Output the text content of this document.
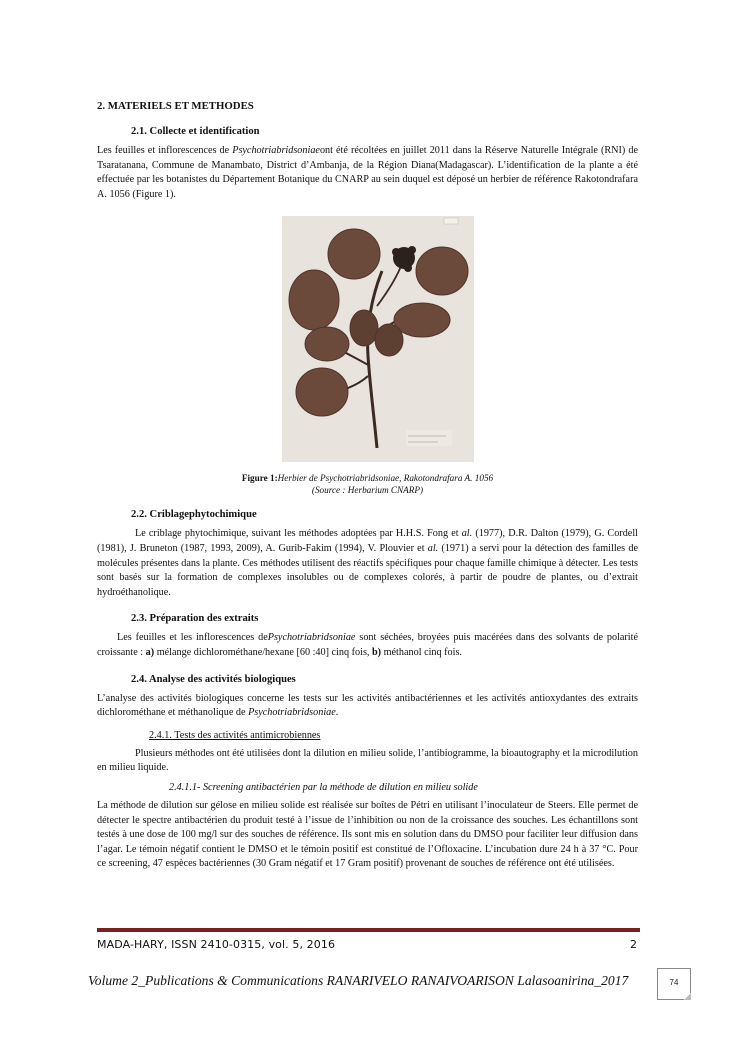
2. MATERIELS ET METHODES

2.1. Collecte et identification

Les feuilles et inflorescences de Psychotriabridsoniaeont été récoltées en juillet 2011 dans la Réserve Naturelle Intégrale (RNI) de Tsaratanana, Commune de Manambato, District d’Ambanja, de la Région Diana(Madagascar). L’identification de la plante a été effectuée par les botanistes du Département Botanique du CNARP au sein duquel est déposé un herbier de référence Rakotondrafara A. 1056 (Figure 1).

Figure 1:Herbier de Psychotriabridsoniae, Rakotondrafara A. 1056
(Source : Herbarium CNARP)

2.2. Criblagephytochimique

Le criblage phytochimique, suivant les méthodes adoptées par H.H.S. Fong et al. (1977), D.R. Dalton (1979), G. Cordell (1981), J. Bruneton (1987, 1993, 2009), A. Gurib-Fakim (1994), V. Plouvier et al. (1971) a servi pour la détection des familles de molécules présentes dans la plante. Ces méthodes utilisent des réactifs spécifiques pour chaque famille chimique à détecter. Les tests sont basés sur la formation de complexes insolubles ou de complexes colorés, à partir de poudre de plantes, ou d’extrait hydroéthanolique.

2.3. Préparation des extraits

Les feuilles et les inflorescences dePsychotriabridsoniae sont séchées, broyées puis macérées dans des solvants de polarité croissante : a) mélange dichlorométhane/hexane [60 :40] cinq fois, b) méthanol cinq fois.

2.4. Analyse des activités biologiques

L’analyse des activités biologiques concerne les tests sur les activités antibactériennes et les activités antioxydantes des extraits dichlorométhane et méthanolique de Psychotriabridsoniae.

2.4.1. Tests des activités antimicrobiennes

Plusieurs méthodes ont été utilisées dont la dilution en milieu solide, l’antibiogramme, la bioautography et la microdilution en milieu liquide.

2.4.1.1- Screening antibactérien par la méthode de dilution en milieu solide

La méthode de dilution sur gélose en milieu solide est réalisée sur boîtes de Pétri en utilisant l’inoculateur de Steers. Elle permet de détecter le spectre antibactérien du produit testé à l’issue de l’inhibition ou non de la croissance des souches. Les échantillons sont testés à une dose de 100 mg/l sur des souches de référence. Ils sont mis en solution dans du DMSO pour faciliter leur diffusion dans l’agar. Le témoin négatif contient le DMSO et le témoin positif est constitué de l’Ofloxacine. L’incubation dure 24 h à 37 °C. Pour ce screening, 47 espèces bactériennes (30 Gram négatif et 17 Gram positif) provenant de souches de référence ont été utilisées.

MADA-HARY, ISSN 2410-0315, vol. 5, 2016	2
Volume 2_Publications & Communications RANARIVELO RANAIVOARISON Lalasoanirina_2017	74
